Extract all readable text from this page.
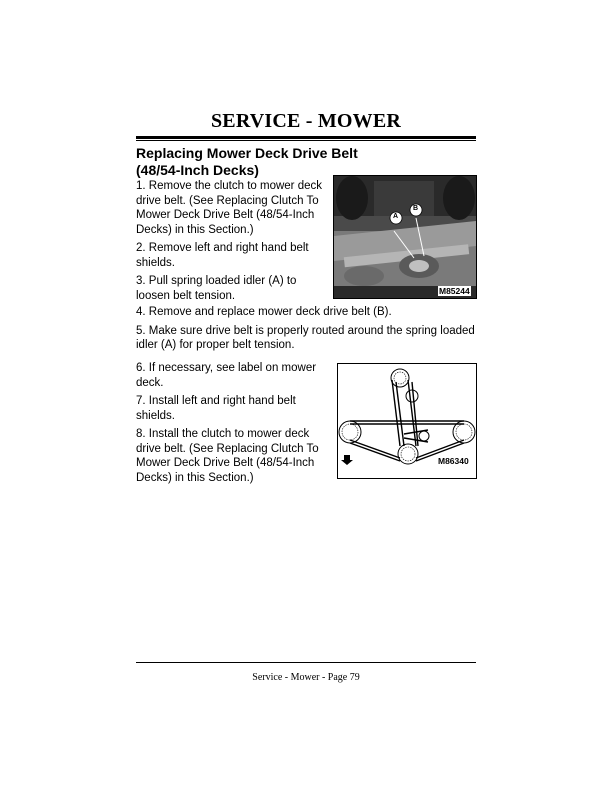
SERVICE - MOWER
Replacing Mower Deck Drive Belt
(48/54-Inch Decks)

1. Remove the clutch to mower deck drive belt. (See Replacing Clutch To Mower Deck Drive Belt (48/54-Inch Decks) in this Section.)

2. Remove left and right hand belt shields.

3. Pull spring loaded idler (A) to loosen belt tension.

A
B
M85244

4. Remove and replace mower deck drive belt (B).

5. Make sure drive belt is properly routed around the spring loaded idler (A) for proper belt tension.

6. If necessary, see label on mower deck.

7. Install left and right hand belt shields.

8. Install the clutch to mower deck drive belt. (See Replacing Clutch To Mower Deck Drive Belt (48/54-Inch Decks) in this Section.)

M86340
Service - Mower - Page 79
